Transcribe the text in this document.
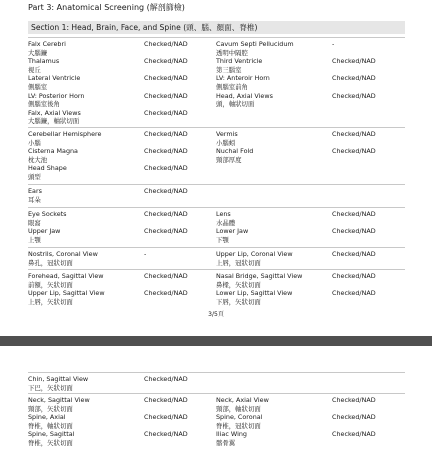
Part 3: Anatomical Screening (解剖篩檢)
Section 1: Head, Brain, Face, and Spine (頭、腦、顏面、脊椎)
Falx Cerebri	Checked/NAD	Cavum Septi Pellucidum	-
大腦鐮	透明中隔腔
Thalamus	Checked/NAD	Third Ventricle	Checked/NAD
視丘	第三腦室
Lateral Ventricle	Checked/NAD	LV: Anteroir Horn	Checked/NAD
側腦室	側腦室前角
LV: Posterior Horn	Checked/NAD	Head, Axial Views	Checked/NAD
側腦室後角	頭，軸狀切面
Falx, Axial Views	Checked/NAD
大腦鐮，軸狀切面
Cerebellar Hemisphere	Checked/NAD	Vermis	Checked/NAD
小腦	小腦蚓
Cisterna Magna	Checked/NAD	Nuchal Fold	Checked/NAD
枕大池	頸部厚度
Head Shape	Checked/NAD
頭型
Ears	Checked/NAD
耳朵
Eye Sockets	Checked/NAD	Lens	Checked/NAD
眼窩	水晶體
Upper Jaw	Checked/NAD	Lower Jaw	Checked/NAD
上顎	下顎
Nostrils, Coronal View	-	Upper Lip, Coronal View	Checked/NAD
鼻孔，冠狀切面	上唇，冠狀切面
Forehead, Sagittal View	Checked/NAD	Nasal Bridge, Sagittal View	Checked/NAD
前額，矢狀切面	鼻樑，矢狀切面
Upper Lip, Sagittal View	Checked/NAD	Lower Lip, Sagittal View	Checked/NAD
上唇，矢狀切面	下唇，矢狀切面
3/5頁
Chin, Sagittal View	Checked/NAD
下巴，矢狀切面
Neck, Sagittal View	Checked/NAD	Neck, Axial View	Checked/NAD
頸部，矢狀切面	頸部，軸狀切面
Spine, Axial	Checked/NAD	Spine, Coronal	Checked/NAD
脊椎，軸狀切面	脊椎，冠狀切面
Spine, Sagittal	Checked/NAD	Iliac Wing	Checked/NAD
脊椎，矢狀切面	髂骨翼
